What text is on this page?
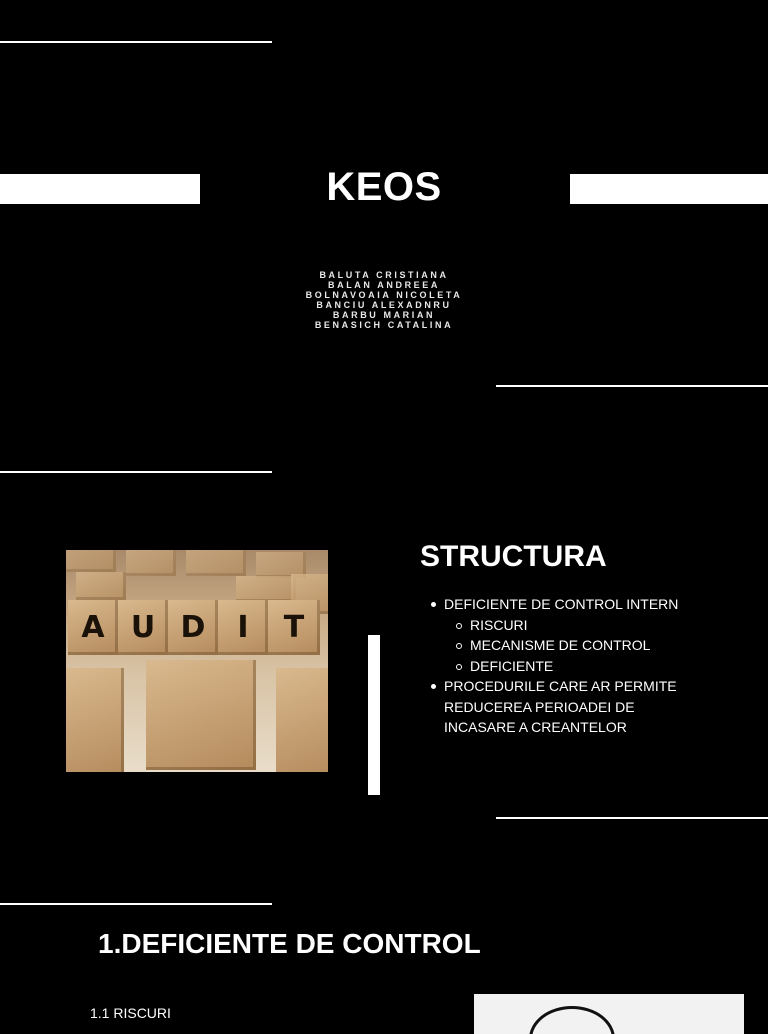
KEOS
BALUTA CRISTIANA
BALAN ANDREEA
BOLNAVOAIA NICOLETA
BANCIU ALEXADNRU
BARBU MARIAN
BENASICH CATALINA
A U D	I	T
STRUCTURA
DEFICIENTE DE CONTROL INTERN
RISCURI
MECANISME DE CONTROL
DEFICIENTE
PROCEDURILE CARE AR PERMITE
REDUCEREA PERIOADEI DE
INCASARE A CREANTELOR
1.DEFICIENTE DE CONTROL
1.1 RISCURI
